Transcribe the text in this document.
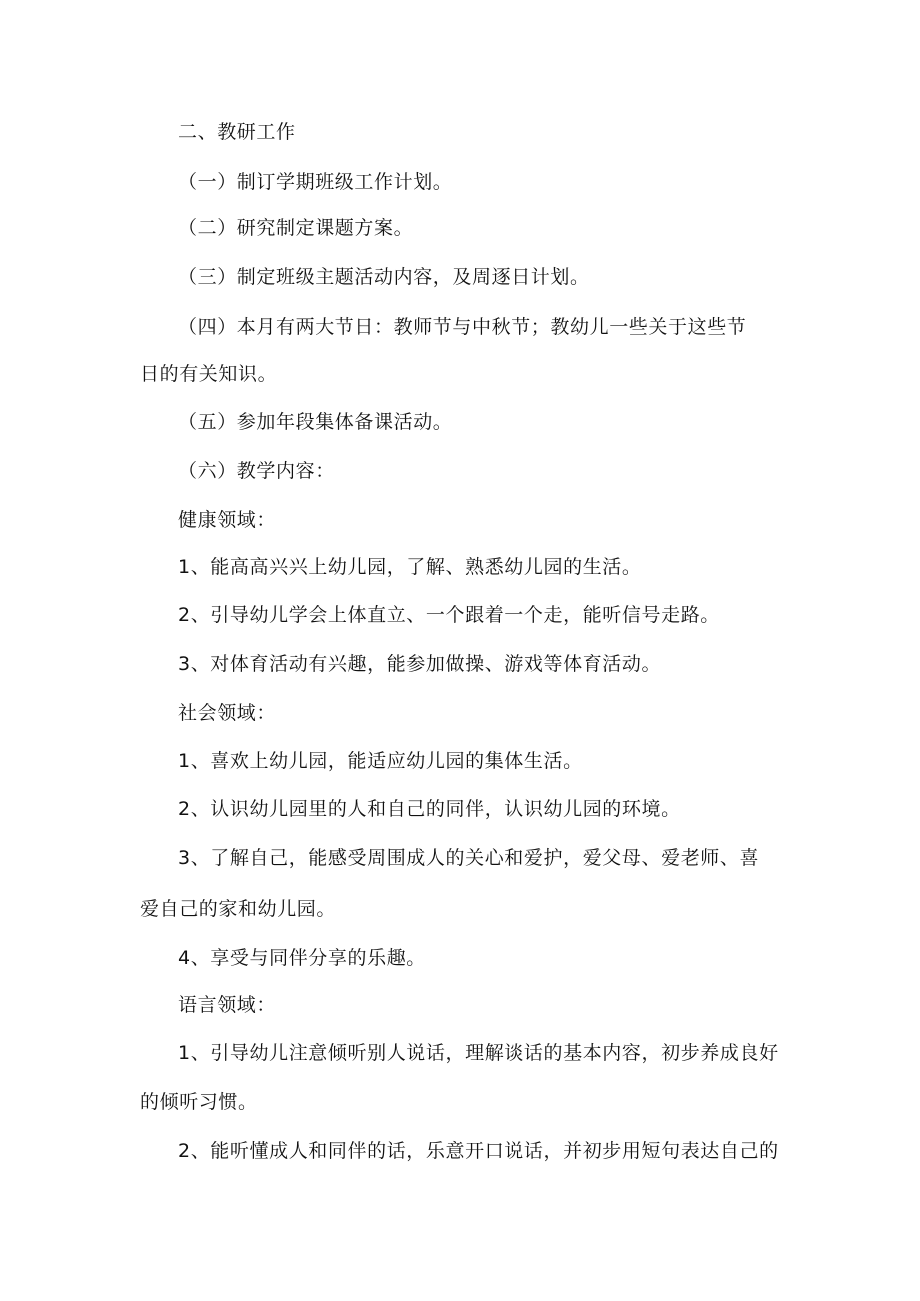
二、教研工作
（一）制订学期班级工作计划。
（二）研究制定课题方案。
（三）制定班级主题活动内容，及周逐日计划。
（四）本月有两大节日：教师节与中秋节；教幼儿一些关于这些节
日的有关知识。
（五）参加年段集体备课活动。
（六）教学内容：
健康领域：
1、能高高兴兴上幼儿园，了解、熟悉幼儿园的生活。
2、引导幼儿学会上体直立、一个跟着一个走，能听信号走路。
3、对体育活动有兴趣，能参加做操、游戏等体育活动。
社会领域：
1、喜欢上幼儿园，能适应幼儿园的集体生活。
2、认识幼儿园里的人和自己的同伴，认识幼儿园的环境。
3、了解自己，能感受周围成人的关心和爱护，爱父母、爱老师、喜
爱自己的家和幼儿园。
4、享受与同伴分享的乐趣。
语言领域：
1、引导幼儿注意倾听别人说话，理解谈话的基本内容，初步养成良好
的倾听习惯。
2、能听懂成人和同伴的话，乐意开口说话，并初步用短句表达自己的
